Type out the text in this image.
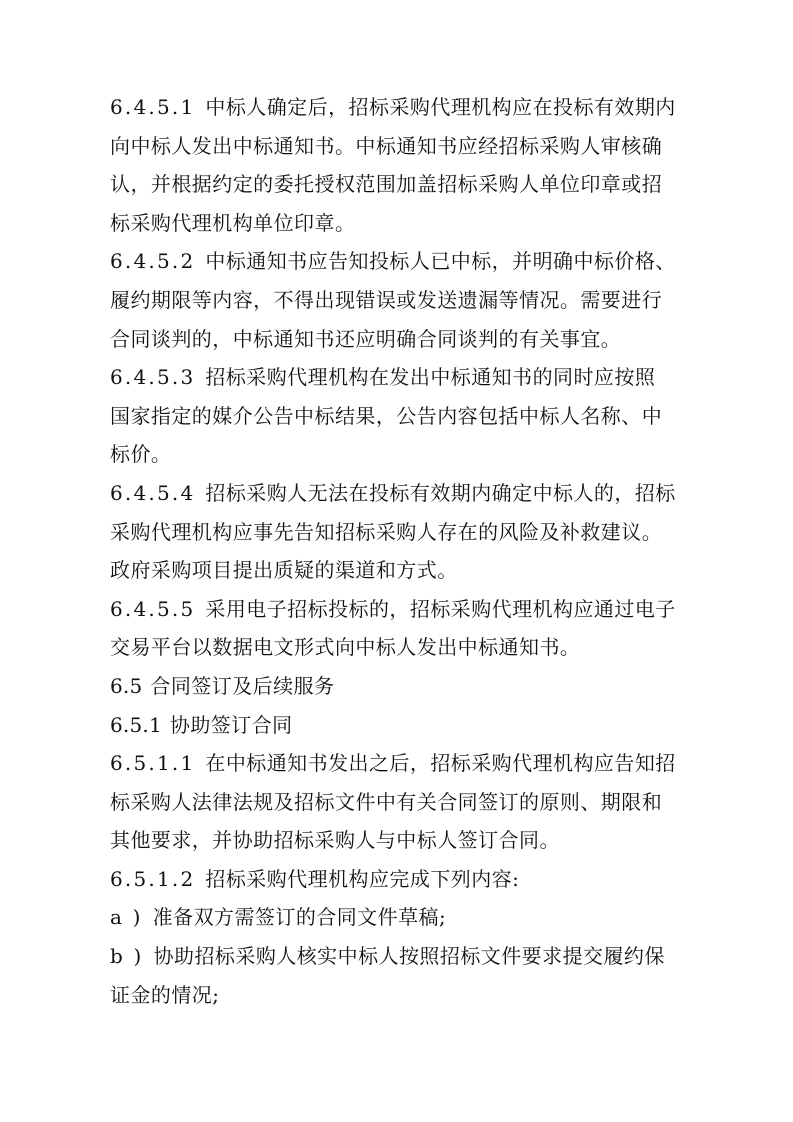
6.4.5.1 中标人确定后，招标采购代理机构应在投标有效期内
向中标人发出中标通知书。中标通知书应经招标采购人审核确
认，并根据约定的委托授权范围加盖招标采购人单位印章或招
标采购代理机构单位印章。
6.4.5.2 中标通知书应告知投标人已中标，并明确中标价格、
履约期限等内容，不得出现错误或发送遗漏等情况。需要进行
合同谈判的，中标通知书还应明确合同谈判的有关事宜。
6.4.5.3 招标采购代理机构在发出中标通知书的同时应按照
国家指定的媒介公告中标结果，公告内容包括中标人名称、中
标价。
6.4.5.4 招标采购人无法在投标有效期内确定中标人的，招标
采购代理机构应事先告知招标采购人存在的风险及补救建议。
政府采购项目提出质疑的渠道和方式。
6.4.5.5 采用电子招标投标的，招标采购代理机构应通过电子
交易平台以数据电文形式向中标人发出中标通知书。
6.5 合同签订及后续服务
6.5.1 协助签订合同
6.5.1.1 在中标通知书发出之后，招标采购代理机构应告知招
标采购人法律法规及招标文件中有关合同签订的原则、期限和
其他要求，并协助招标采购人与中标人签订合同。
6.5.1.2 招标采购代理机构应完成下列内容:
a ) 准备双方需签订的合同文件草稿;
b ) 协助招标采购人核实中标人按照招标文件要求提交履约保
证金的情况;
